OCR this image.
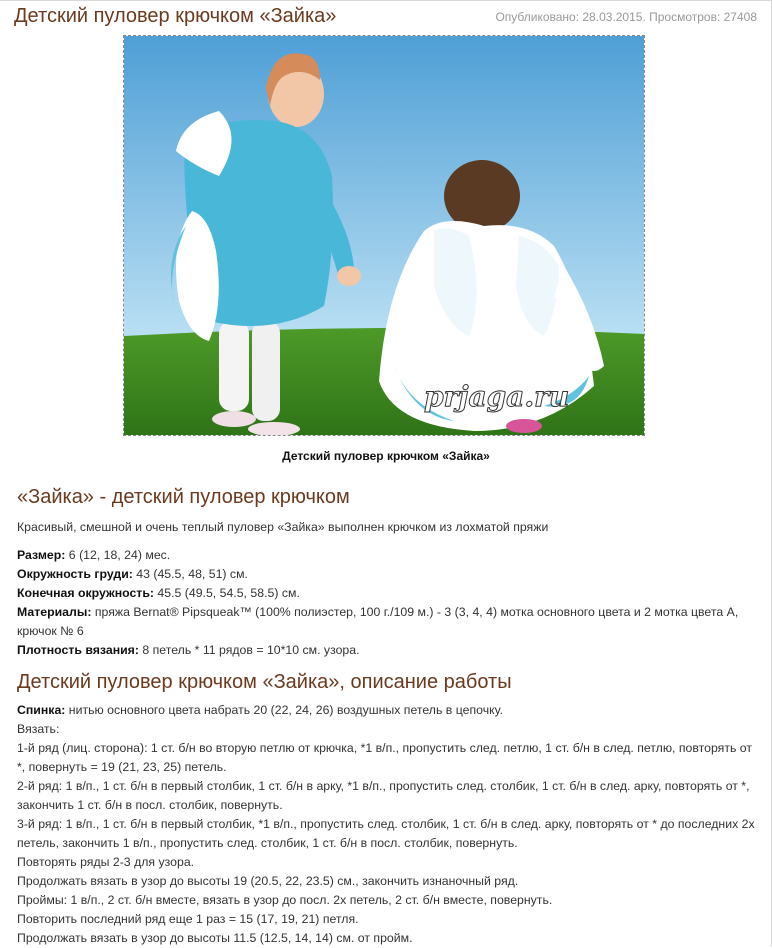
Детский пуловер крючком «Зайка»	Опубликовано: 28.03.2015. Просмотров: 27408
prjaga.ru
Детский пуловер крючком «Зайка»
«Зайка» - детский пуловер крючком

Красивый, смешной и очень теплый пуловер «Зайка» выполнен крючком из лохматой пряжи

Размер: 6 (12, 18, 24) мес.
Окружность груди: 43 (45.5, 48, 51) см.
Конечная окружность: 45.5 (49.5, 54.5, 58.5) см.
Материалы: пряжа Bernat® Pipsqueak™ (100% полиэстер, 100 г./109 м.) - 3 (3, 4, 4) мотка основного цвета и 2 мотка цвета А, крючок № 6
Плотность вязания: 8 петель * 11 рядов = 10*10 см. узора.
Детский пуловер крючком «Зайка», описание работы
Спинка: нитью основного цвета набрать 20 (22, 24, 26) воздушных петель в цепочку.
Вязать:
1-й ряд (лиц. сторона): 1 ст. б/н во вторую петлю от крючка, *1 в/п., пропустить след. петлю, 1 ст. б/н в след. петлю, повторять от *, повернуть = 19 (21, 23, 25) петель.
2-й ряд: 1 в/п., 1 ст. б/н в первый столбик, 1 ст. б/н в арку, *1 в/п., пропустить след. столбик, 1 ст. б/н в след. арку, повторять от *, закончить 1 ст. б/н в посл. столбик, повернуть.
3-й ряд: 1 в/п., 1 ст. б/н в первый столбик, *1 в/п., пропустить след. столбик, 1 ст. б/н в след. арку, повторять от * до последних 2х петель, закончить 1 в/п., пропустить след. столбик, 1 ст. б/н в посл. столбик, повернуть.
Повторять ряды 2-3 для узора.
Продолжать вязать в узор до высоты 19 (20.5, 22, 23.5) см., закончить изнаночный ряд.
Проймы: 1 в/п., 2 ст. б/н вместе, вязать в узор до посл. 2х петель, 2 ст. б/н вместе, повернуть.
Повторить последний ряд еще 1 раз = 15 (17, 19, 21) петля.
Продолжать вязать в узор до высоты 11.5 (12.5, 14, 14) см. от пройм.
